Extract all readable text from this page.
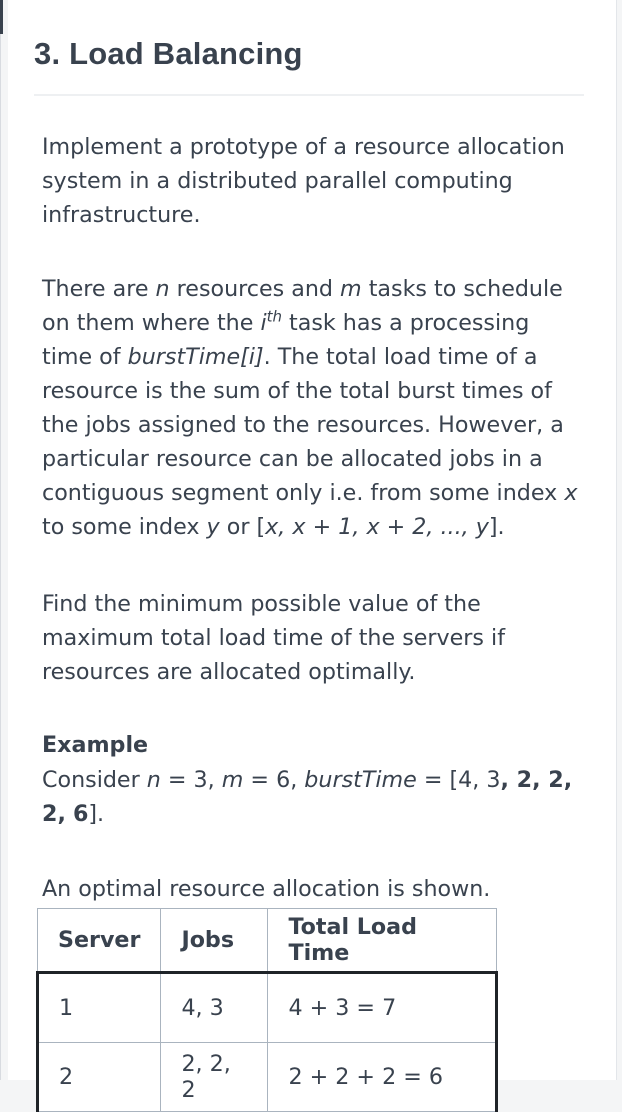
3. Load Balancing
Implement a prototype of a resource allocation system in a distributed parallel computing infrastructure.
There are n resources and m tasks to schedule on them where the $i^{th}$ task has a processing time of burstTime[i]. The total load time of a resource is the sum of the total burst times of the jobs assigned to the resources. However, a particular resource can be allocated jobs in a contiguous segment only i.e. from some index x to some index y or [x, x + 1, x + 2, ..., y].
Find the minimum possible value of the maximum total load time of the servers if resources are allocated optimally.
Example
Consider n = 3, m = 6, burstTime = [4, 3, 2, 2, 2, 6].
An optimal resource allocation is shown.
Server	Jobs	Total Load Time
1	4, 3	4 + 3 = 7
2	2, 2, 2	2 + 2 + 2 = 6
